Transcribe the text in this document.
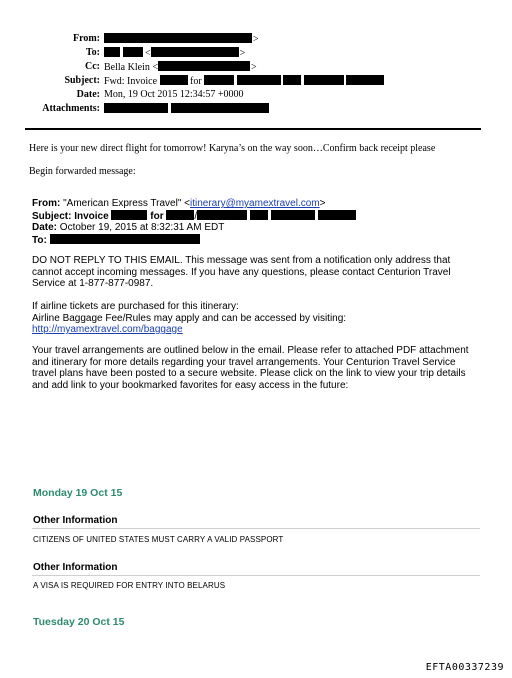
From:	>
To:	<	>
Cc: Bella Klein <	>
Subject: Fwd: Invoice	for
Date: Mon, 19 Oct 2015 12:34:57 +0000
Attachments:

Here is your new direct flight for tomorrow! Karyna’s on the way soon…Confirm back receipt please
Begin forwarded message:
From: "American Express Travel" <itinerary@myamextravel.com>
Subject: Invoice	for	/
Date: October 19, 2015 at 8:32:31 AM EDT
To:
DO NOT REPLY TO THIS EMAIL. This message was sent from a notification only address that
cannot accept incoming messages. If you have any questions, please contact Centurion Travel
Service at 1-877-877-0987.
If airline tickets are purchased for this itinerary:
Airline Baggage Fee/Rules may apply and can be accessed by visiting:
http://myamextravel.com/baggage
Your travel arrangements are outlined below in the email. Please refer to attached PDF attachment
and itinerary for more details regarding your travel arrangements. Your Centurion Travel Service
travel plans have been posted to a secure website. Please click on the link to view your trip details
and add link to your bookmarked favorites for easy access in the future:
Monday 19 Oct 15
Other Information
CITIZENS OF UNITED STATES MUST CARRY A VALID PASSPORT
Other Information
A VISA IS REQUIRED FOR ENTRY INTO BELARUS
Tuesday 20 Oct 15
EFTA00337239
